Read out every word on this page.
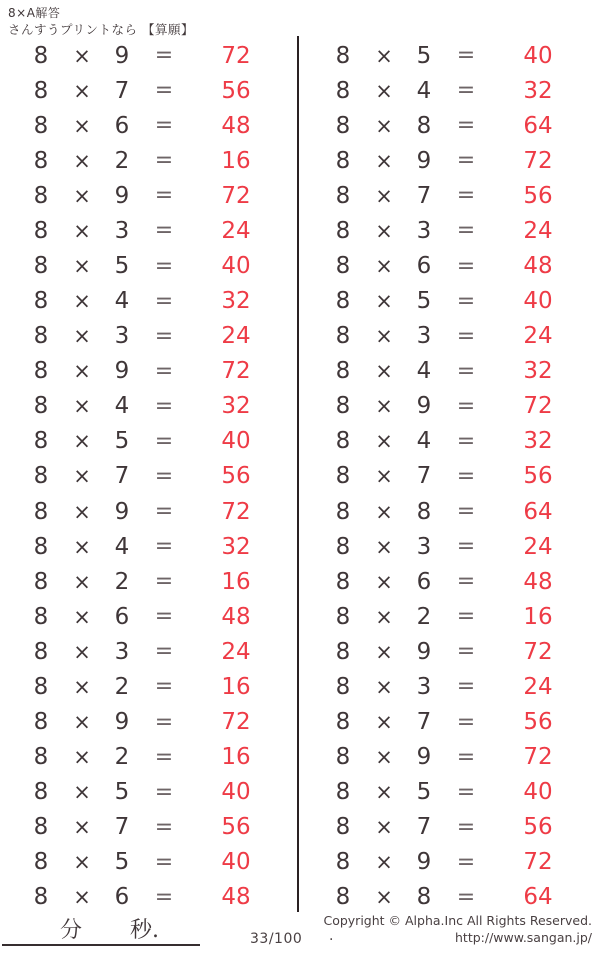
8×A解答
さんすうプリントなら 【算願】
8	×	9	=	72
8	×	7	=	56
8	×	6	=	48
8	×	2	=	16
8	×	9	=	72
8	×	3	=	24
8	×	5	=	40
8	×	4	=	32
8	×	3	=	24
8	×	9	=	72
8	×	4	=	32
8	×	5	=	40
8	×	7	=	56
8	×	9	=	72
8	×	4	=	32
8	×	2	=	16
8	×	6	=	48
8	×	3	=	24
8	×	2	=	16
8	×	9	=	72
8	×	2	=	16
8	×	5	=	40
8	×	7	=	56
8	×	5	=	40
8	×	6	=	48
8	×	5	=	40
8	×	4	=	32
8	×	8	=	64
8	×	9	=	72
8	×	7	=	56
8	×	3	=	24
8	×	6	=	48
8	×	5	=	40
8	×	3	=	24
8	×	4	=	32
8	×	9	=	72
8	×	4	=	32
8	×	7	=	56
8	×	8	=	64
8	×	3	=	24
8	×	6	=	48
8	×	2	=	16
8	×	9	=	72
8	×	3	=	24
8	×	7	=	56
8	×	9	=	72
8	×	5	=	40
8	×	7	=	56
8	×	9	=	72
8	×	8	=	64
分 秒.	33/100 .
Copyright © Alpha.Inc All Rights Reserved.
http://www.sangan.jp/
